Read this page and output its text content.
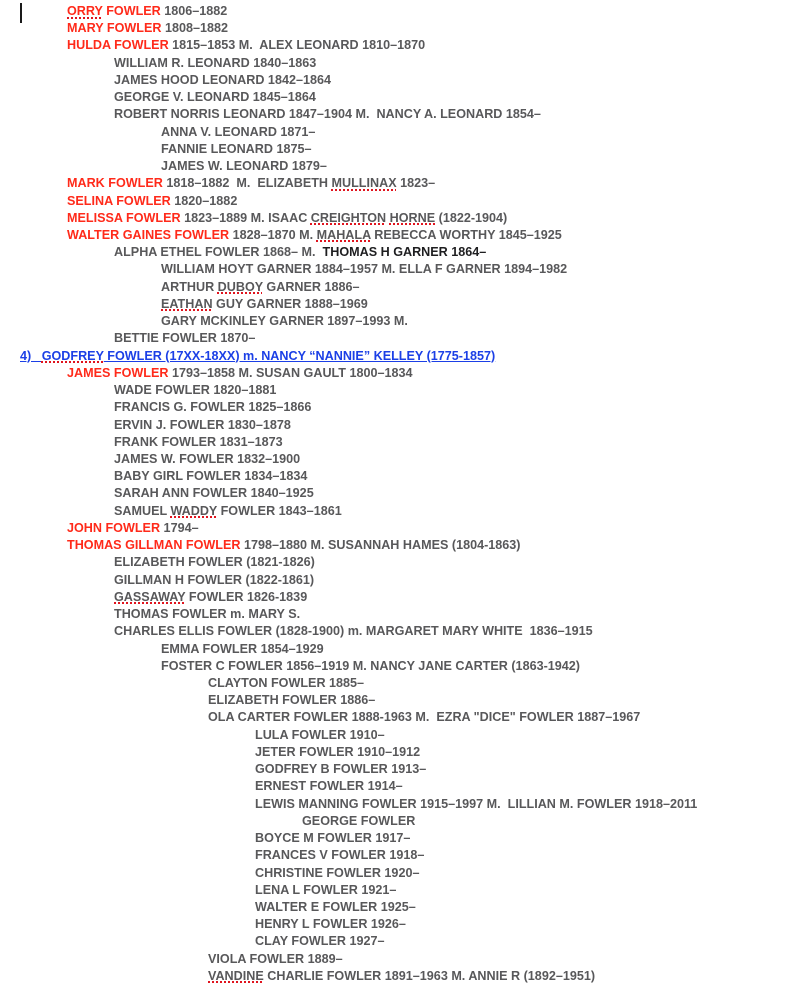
ORRY FOWLER 1806–1882
MARY FOWLER 1808–1882
HULDA FOWLER 1815–1853 M.  ALEX LEONARD 1810–1870
WILLIAM R. LEONARD 1840–1863
JAMES HOOD LEONARD 1842–1864
GEORGE V. LEONARD 1845–1864
ROBERT NORRIS LEONARD 1847–1904 M.  NANCY A. LEONARD 1854–
ANNA V. LEONARD 1871–
FANNIE LEONARD 1875–
JAMES W. LEONARD 1879–
MARK FOWLER 1818–1882  M.  ELIZABETH MULLINAX 1823–
SELINA FOWLER 1820–1882
MELISSA FOWLER 1823–1889 M. ISAAC CREIGHTON HORNE (1822-1904)
WALTER GAINES FOWLER 1828–1870 M. MAHALA REBECCA WORTHY 1845–1925
ALPHA ETHEL FOWLER 1868– M.  THOMAS H GARNER 1864–
WILLIAM HOYT GARNER 1884–1957 M. ELLA F GARNER 1894–1982
ARTHUR DUBOY GARNER 1886–
EATHAN GUY GARNER 1888–1969
GARY MCKINLEY GARNER 1897–1993 M.
BETTIE FOWLER 1870–
4)   GODFREY FOWLER (17XX-18XX) m. NANCY “NANNIE” KELLEY (1775-1857)
JAMES FOWLER 1793–1858 M. SUSAN GAULT 1800–1834
WADE FOWLER 1820–1881
FRANCIS G. FOWLER 1825–1866
ERVIN J. FOWLER 1830–1878
FRANK FOWLER 1831–1873
JAMES W. FOWLER 1832–1900
BABY GIRL FOWLER 1834–1834
SARAH ANN FOWLER 1840–1925
SAMUEL WADDY FOWLER 1843–1861
JOHN FOWLER 1794–
THOMAS GILLMAN FOWLER 1798–1880 M. SUSANNAH HAMES (1804-1863)
ELIZABETH FOWLER (1821-1826)
GILLMAN H FOWLER (1822-1861)
GASSAWAY FOWLER 1826-1839
THOMAS FOWLER m. MARY S.
CHARLES ELLIS FOWLER (1828-1900) m. MARGARET MARY WHITE  1836–1915
EMMA FOWLER 1854–1929
FOSTER C FOWLER 1856–1919 M. NANCY JANE CARTER (1863-1942)
CLAYTON FOWLER 1885–
ELIZABETH FOWLER 1886–
OLA CARTER FOWLER 1888-1963 M.  EZRA "DICE" FOWLER 1887–1967
LULA FOWLER 1910–
JETER FOWLER 1910–1912
GODFREY B FOWLER 1913–
ERNEST FOWLER 1914–
LEWIS MANNING FOWLER 1915–1997 M.  LILLIAN M. FOWLER 1918–2011
GEORGE FOWLER
BOYCE M FOWLER 1917–
FRANCES V FOWLER 1918–
CHRISTINE FOWLER 1920–
LENA L FOWLER 1921–
WALTER E FOWLER 1925–
HENRY L FOWLER 1926–
CLAY FOWLER 1927–
VIOLA FOWLER 1889–
VANDINE CHARLIE FOWLER 1891–1963 M. ANNIE R (1892–1951)
